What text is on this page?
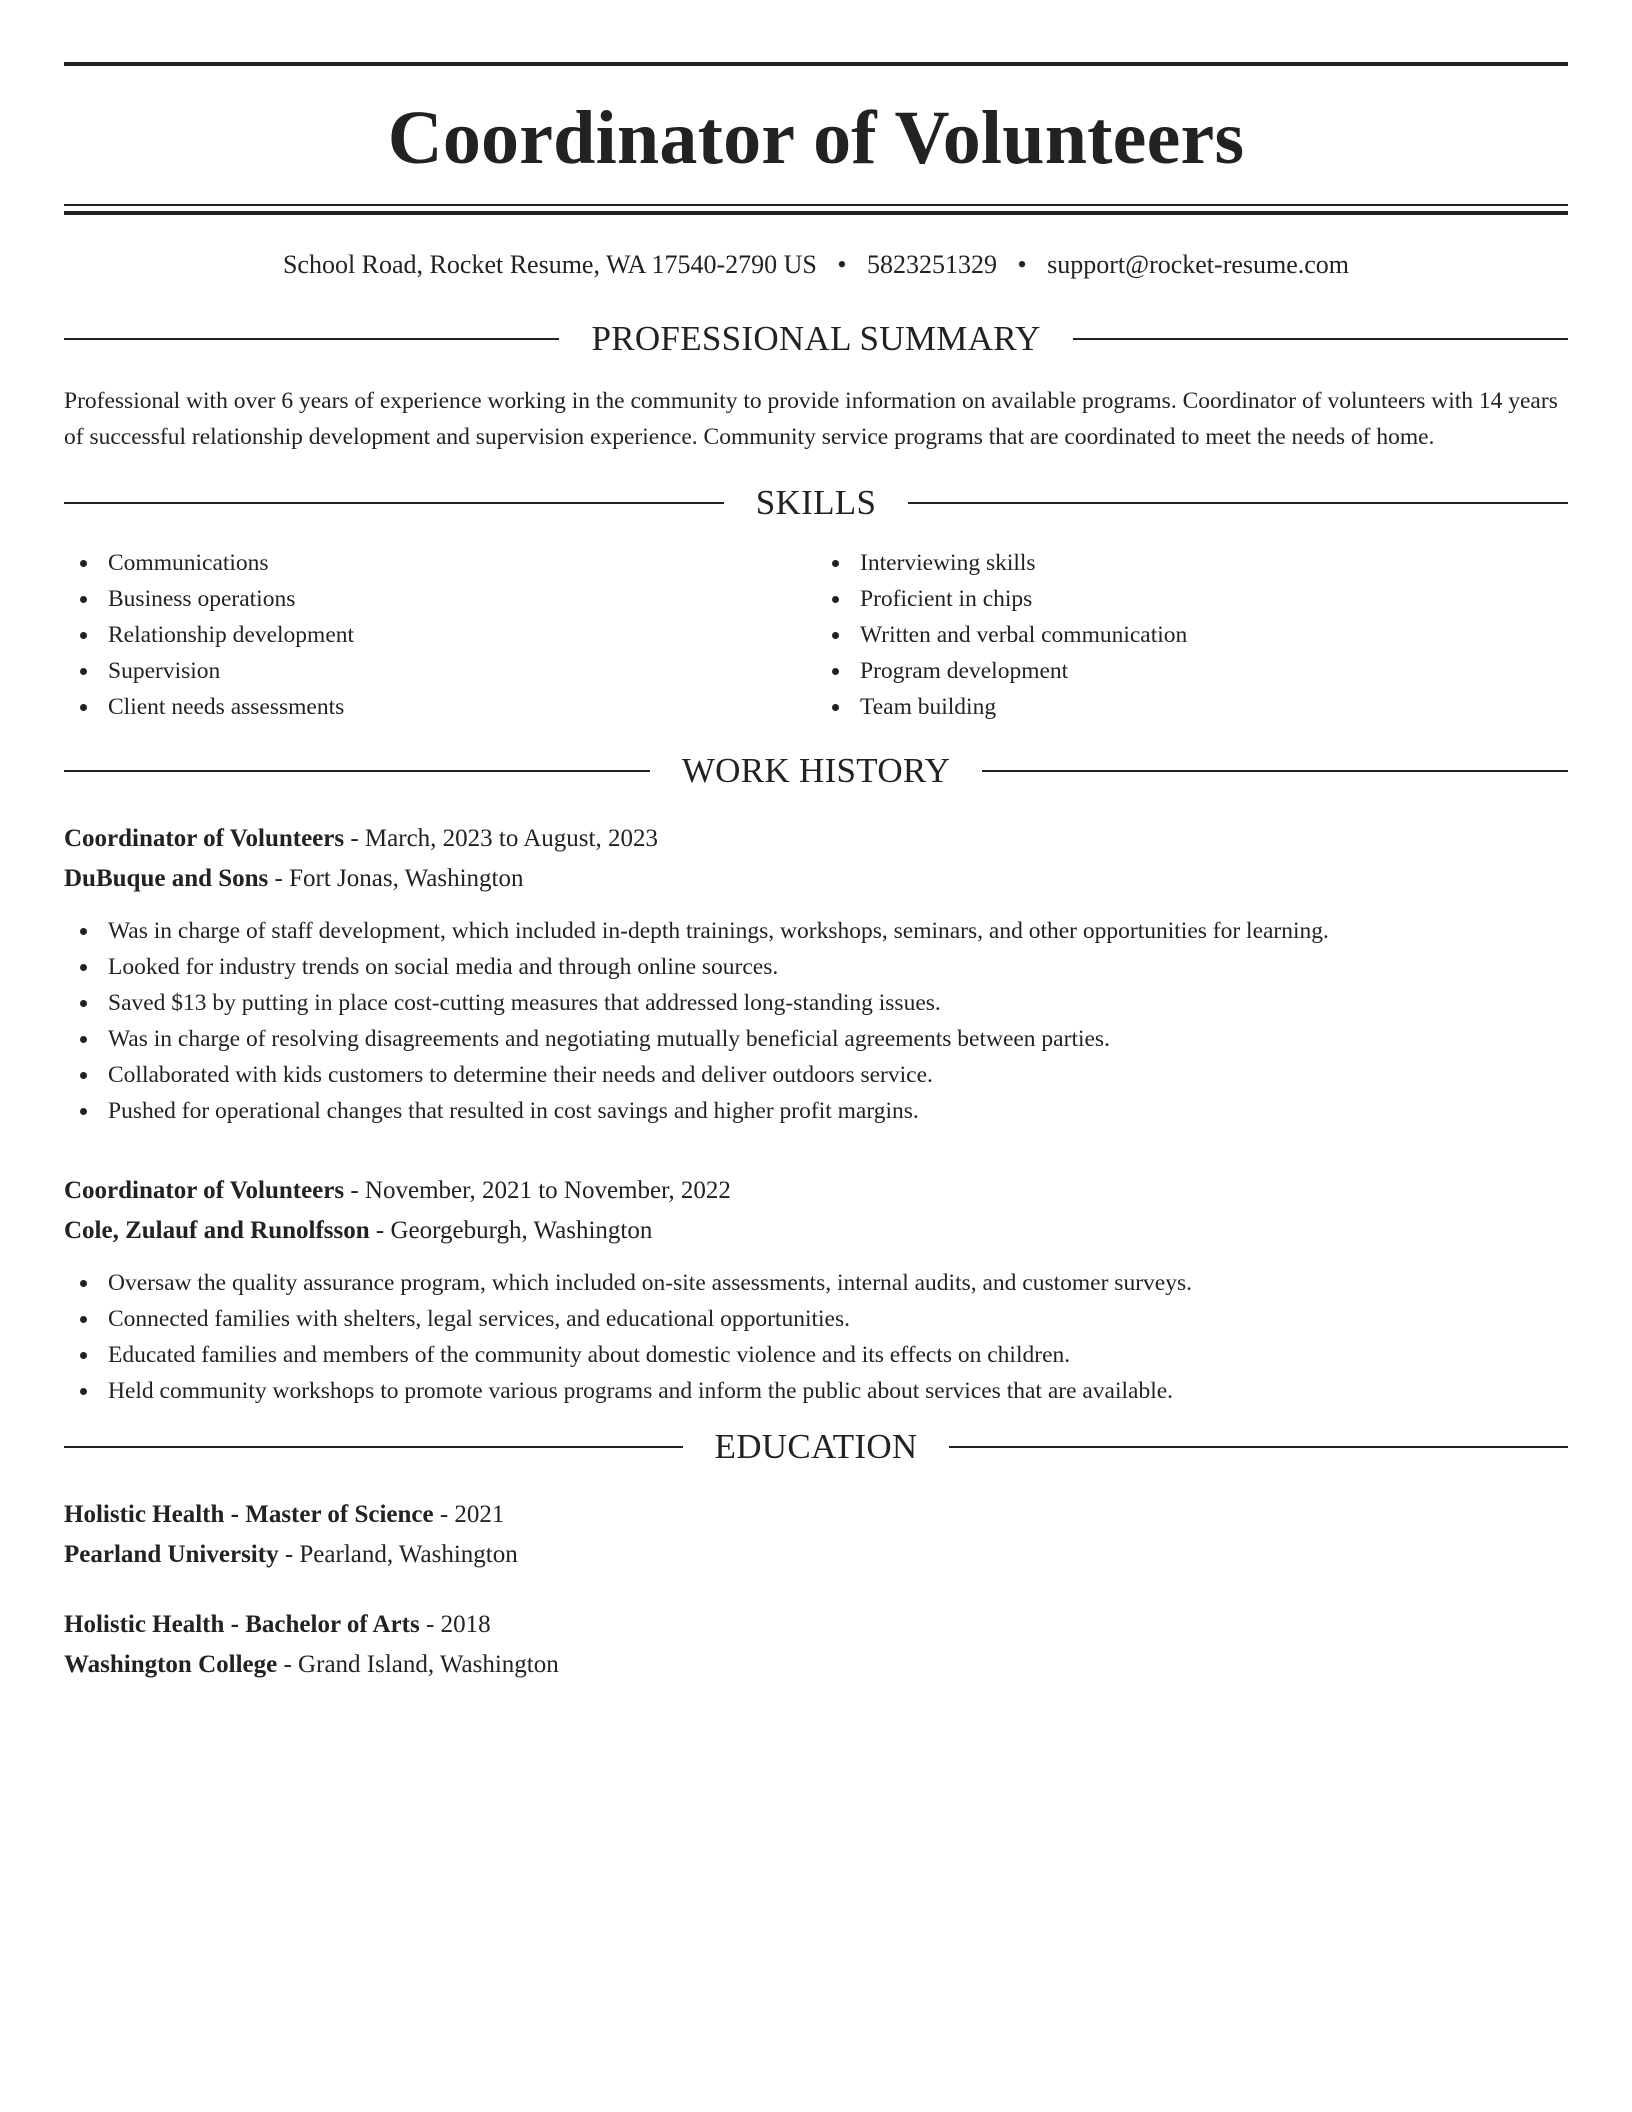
Coordinator of Volunteers
School Road, Rocket Resume, WA 17540-2790 US • 5823251329 • support@rocket-resume.com
PROFESSIONAL SUMMARY

Professional with over 6 years of experience working in the community to provide information on available programs. Coordinator of volunteers with 14 years of successful relationship development and supervision experience. Community service programs that are coordinated to meet the needs of home.

SKILLS
Communications
Business operations
Relationship development
Supervision
Client needs assessments
Interviewing skills
Proficient in chips
Written and verbal communication
Program development
Team building
WORK HISTORY
Coordinator of Volunteers - March, 2023 to August, 2023
DuBuque and Sons - Fort Jonas, Washington
Was in charge of staff development, which included in-depth trainings, workshops, seminars, and other opportunities for learning.
Looked for industry trends on social media and through online sources.
Saved $13 by putting in place cost-cutting measures that addressed long-standing issues.
Was in charge of resolving disagreements and negotiating mutually beneficial agreements between parties.
Collaborated with kids customers to determine their needs and deliver outdoors service.
Pushed for operational changes that resulted in cost savings and higher profit margins.
Coordinator of Volunteers - November, 2021 to November, 2022
Cole, Zulauf and Runolfsson - Georgeburgh, Washington
Oversaw the quality assurance program, which included on-site assessments, internal audits, and customer surveys.
Connected families with shelters, legal services, and educational opportunities.
Educated families and members of the community about domestic violence and its effects on children.
Held community workshops to promote various programs and inform the public about services that are available.
EDUCATION
Holistic Health - Master of Science - 2021
Pearland University - Pearland, Washington
Holistic Health - Bachelor of Arts - 2018
Washington College - Grand Island, Washington
